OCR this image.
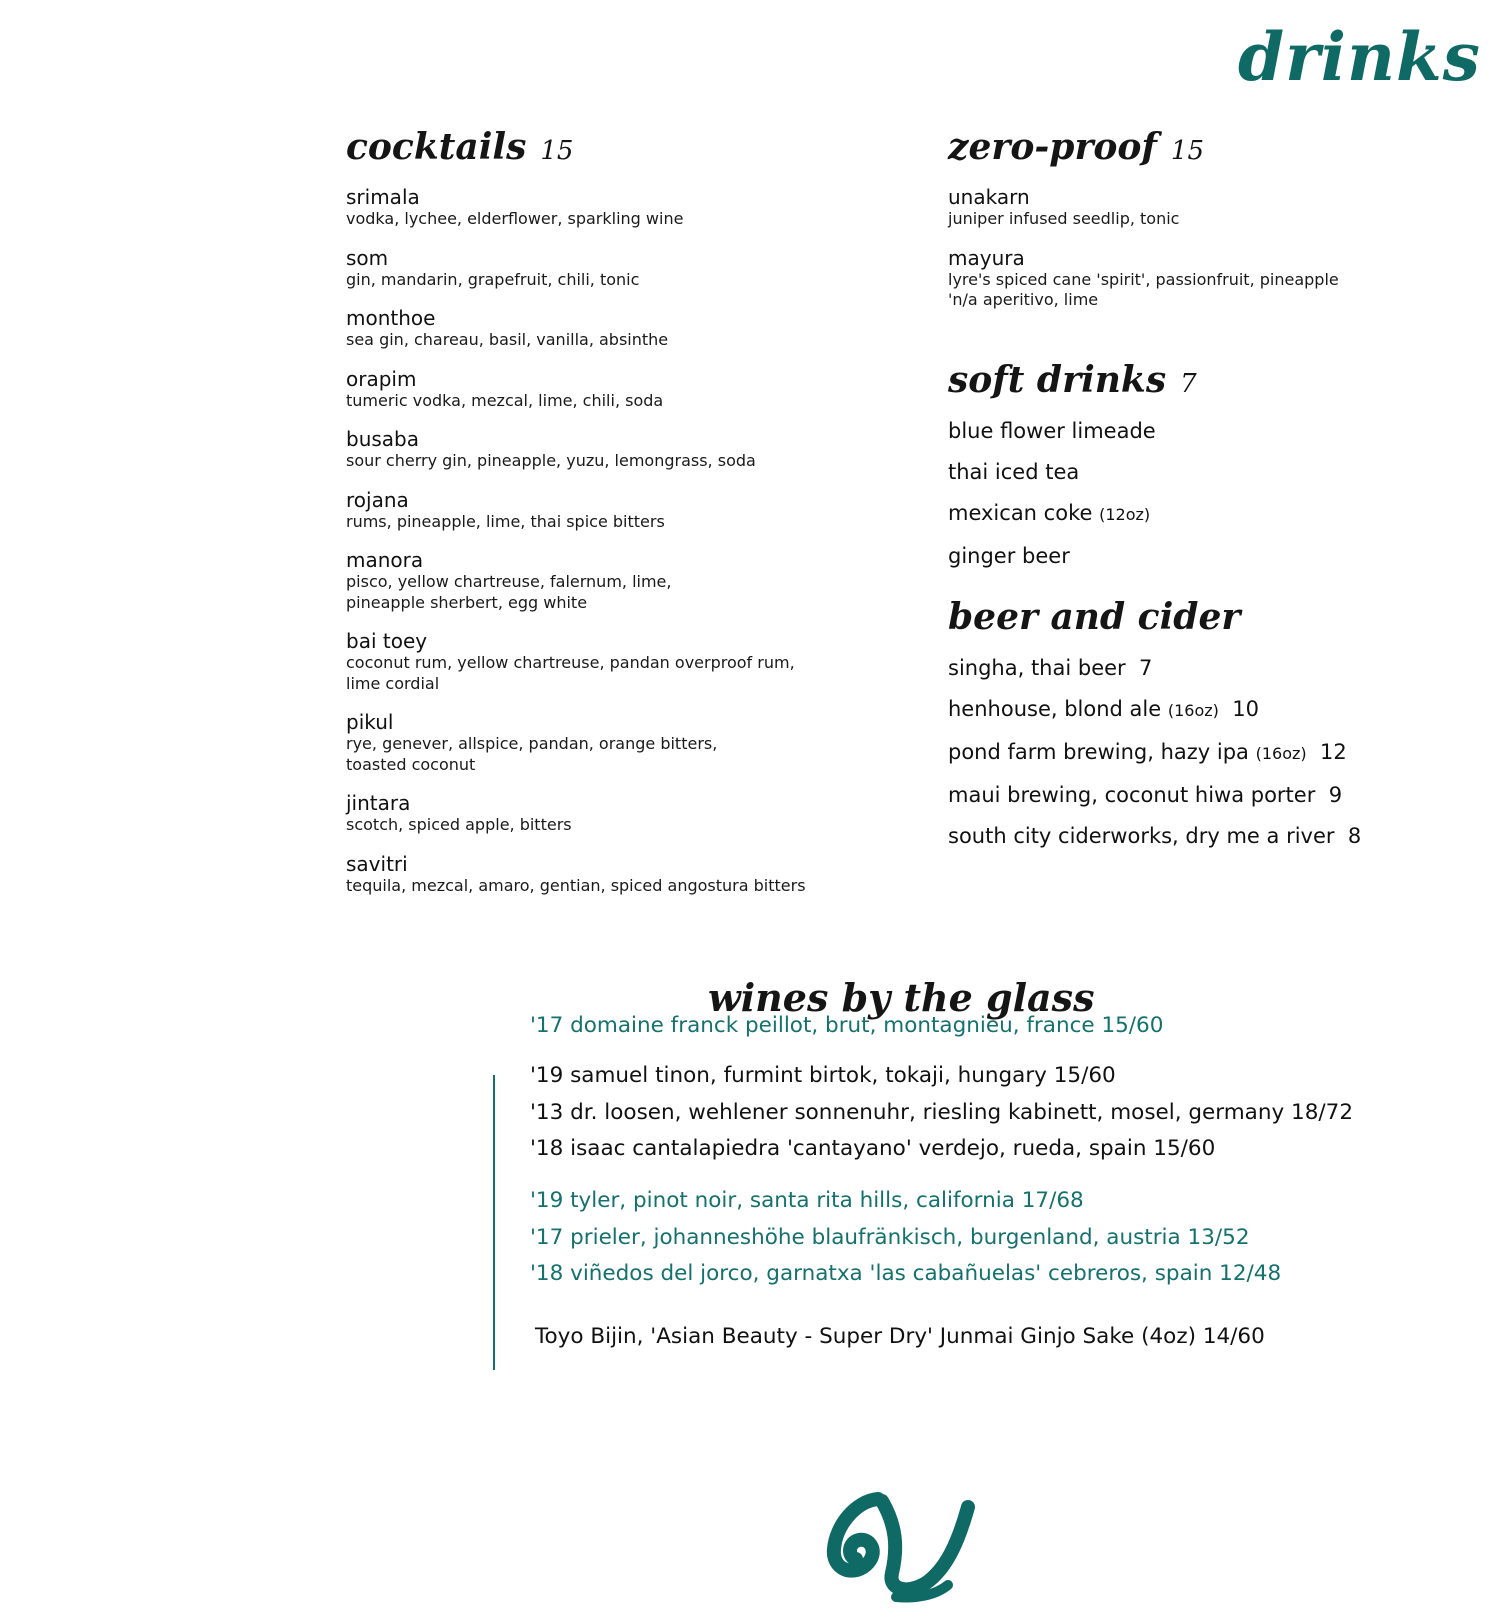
drinks
cocktails 15
srimala
vodka, lychee, elderflower, sparkling wine
som
gin, mandarin, grapefruit, chili, tonic
monthoe
sea gin, chareau, basil, vanilla, absinthe
orapim
tumeric vodka, mezcal, lime, chili, soda
busaba
sour cherry gin, pineapple, yuzu, lemongrass, soda
rojana
rums, pineapple, lime, thai spice bitters
manora
pisco, yellow chartreuse, falernum, lime,
pineapple sherbert, egg white
bai toey
coconut rum, yellow chartreuse, pandan overproof rum,
lime cordial
pikul
rye, genever, allspice, pandan, orange bitters,
toasted coconut
jintara
scotch, spiced apple, bitters
savitri
tequila, mezcal, amaro, gentian, spiced angostura bitters
zero-proof 15
unakarn
juniper infused seedlip, tonic
mayura
lyre's spiced cane 'spirit', passionfruit, pineapple
'n/a aperitivo, lime
soft drinks 7
blue flower limeade
thai iced tea
mexican coke (12oz)
ginger beer
beer and cider
singha, thai beer 7
henhouse, blond ale (16oz) 10
pond farm brewing, hazy ipa (16oz) 12
maui brewing, coconut hiwa porter 9
south city ciderworks, dry me a river 8
wines by the glass
'17 domaine franck peillot, brut, montagnieu, france 15/60
'19 samuel tinon, furmint birtok, tokaji, hungary 15/60
'13 dr. loosen, wehlener sonnenuhr, riesling kabinett, mosel, germany 18/72
'18 isaac cantalapiedra 'cantayano' verdejo, rueda, spain 15/60
'19 tyler, pinot noir, santa rita hills, california 17/68
'17 prieler, johanneshöhe blaufränkisch, burgenland, austria 13/52
'18 viñedos del jorco, garnatxa 'las cabañuelas' cebreros, spain 12/48
Toyo Bijin, 'Asian Beauty - Super Dry' Junmai Ginjo Sake (4oz) 14/60
